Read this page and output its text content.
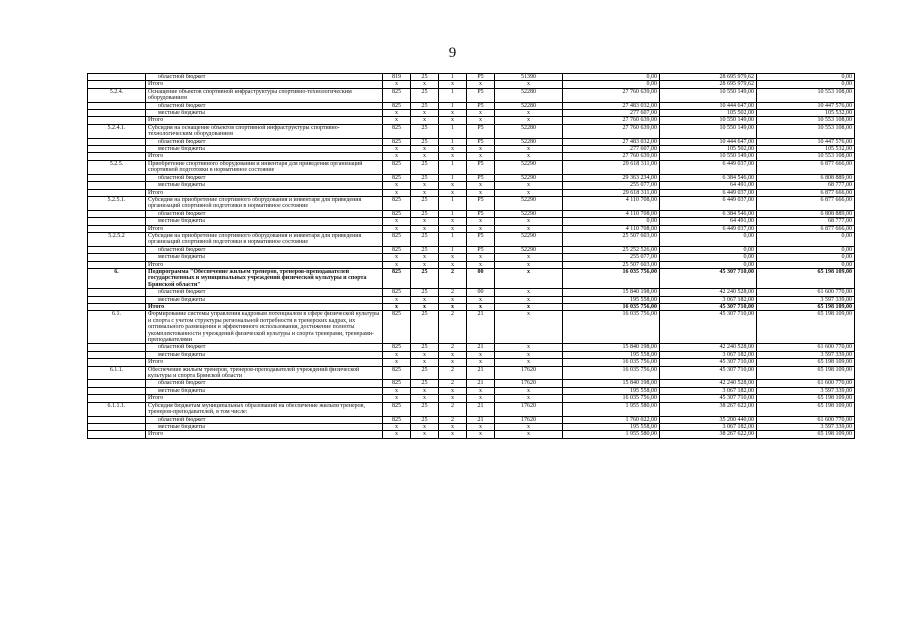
9
	областной бюджет	819	25	1	P5	51390	0,00	28 695 979,62	0,00
	Итого	x	x	x	x	x	0,00	28 695 979,62	0,00
5.2.4.	Оснащение объектов спортивной инфраструктуры спортивно-технологическим оборудованием	825	25	1	P5	52280	27 760 639,00	10 550 149,00	10 553 108,00
	областной бюджет	825	25	1	P5	52280	27 483 032,00	10 444 647,00	10 447 576,00
	местные бюджеты	x	x	x	x	x	277 607,00	105 502,00	105 532,00
	Итого	x	x	x	x	x	27 760 639,00	10 550 149,00	10 553 108,00
5.2.4.1.	Субсидия на оснащение объектов спортивной инфраструктуры спортивно-технологическим оборудованием	825	25	1	P5	52280	27 760 639,00	10 550 149,00	10 553 108,00
	областной бюджет	825	25	1	P5	52280	27 483 032,00	10 444 647,00	10 447 576,00
	местные бюджеты	x	x	x	x	x	277 607,00	105 502,00	105 532,00
	Итого	x	x	x	x	x	27 760 639,00	10 550 149,00	10 553 108,00
5.2.5.	Приобретение спортивного оборудования и инвентаря для приведения организаций спортивной подготовки в нормативное состояние	825	25	1	P5	52290	29 618 311,00	6 449 037,00	6 877 666,00
	областной бюджет	825	25	1	P5	52290	29 363 234,00	6 384 546,00	6 808 889,00
	местные бюджеты	x	x	x	x	x	255 077,00	64 491,00	68 777,00
	Итого	x	x	x	x	x	29 618 311,00	6 449 037,00	6 877 666,00
5.2.5.1.	Субсидия на приобретение спортивного оборудования и инвентаря для приведения организаций спортивной подготовки в нормативное состояние	825	25	1	P5	52290	4 110 708,00	6 449 037,00	6 877 666,00
	областной бюджет	825	25	1	P5	52290	4 110 708,00	6 384 546,00	6 808 889,00
	местные бюджеты	x	x	x	x	x	0,00	64 491,00	68 777,00
	Итого	x	x	x	x	x	4 110 708,00	6 449 037,00	6 877 666,00
5.2.5.2	Субсидия на приобретение спортивного оборудования и инвентаря для приведения организаций спортивной подготовки в нормативное состояние	825	25	1	P5	52290	25 507 603,00	0,00	0,00
	областной бюджет	825	25	1	P5	52290	25 252 526,00	0,00	0,00
	местные бюджеты	x	x	x	x	x	255 077,00	0,00	0,00
	Итого	x	x	x	x	x	25 507 603,00	0,00	0,00
6.	Подпрограмма "Обеспечение жильем тренеров, тренеров-преподавателей государственных и муниципальных учреждений физической культуры и спорта Брянской области"	825	25	2	00	x	16 035 756,00	45 307 710,00	65 198 109,00
	областной бюджет	825	25	2	00	x	15 840 198,00	42 240 528,00	61 600 770,00
	местные бюджеты	x	x	x	x	x	195 558,00	3 067 182,00	3 597 339,00
	Итого	x	x	x	x	x	16 035 756,00	45 307 710,00	65 198 109,00
6.1.	Формирование системы управления кадровым потенциалом в сфере физической культуры и спорта с учетом структуры региональной потребности в тренерских кадрах, их оптимального размещения и эффективного использования, достижение полноты укомплектованности учреждений физической культуры и спорта тренерами, тренерами-преподавателями	825	25	2	21	x	16 035 756,00	45 307 710,00	65 198 109,00
	областной бюджет	825	25	2	21	x	15 840 198,00	42 240 528,00	61 600 770,00
	местные бюджеты	x	x	x	x	x	195 558,00	3 067 182,00	3 597 339,00
	Итого	x	x	x	x	x	16 035 756,00	45 307 710,00	65 198 109,00
6.1.1.	Обеспечение жильем тренеров, тренеров-преподавателей учреждений физической культуры и спорта Брянской области	825	25	2	21	17620	16 035 756,00	45 307 710,00	65 198 109,00
	областной бюджет	825	25	2	21	17620	15 840 198,00	42 240 528,00	61 600 770,00
	местные бюджеты	x	x	x	x	x	195 558,00	3 067 182,00	3 597 339,00
	Итого	x	x	x	x	x	16 035 756,00	45 307 710,00	65 198 109,00
6.1.1.1.	Субсидия бюджетам муниципальных образований на обеспечение жильем тренеров, тренеров-преподавателей, в том числе:	825	25	2	21	17620	1 955 580,00	38 267 622,00	65 198 109,00
	областной бюджет	825	25	2	21	17620	1 760 022,00	35 200 440,00	61 600 770,00
	местные бюджеты	x	x	x	x	x	195 558,00	3 067 182,00	3 597 339,00
	Итого	x	x	x	x	x	1 955 580,00	38 267 622,00	65 198 109,00
